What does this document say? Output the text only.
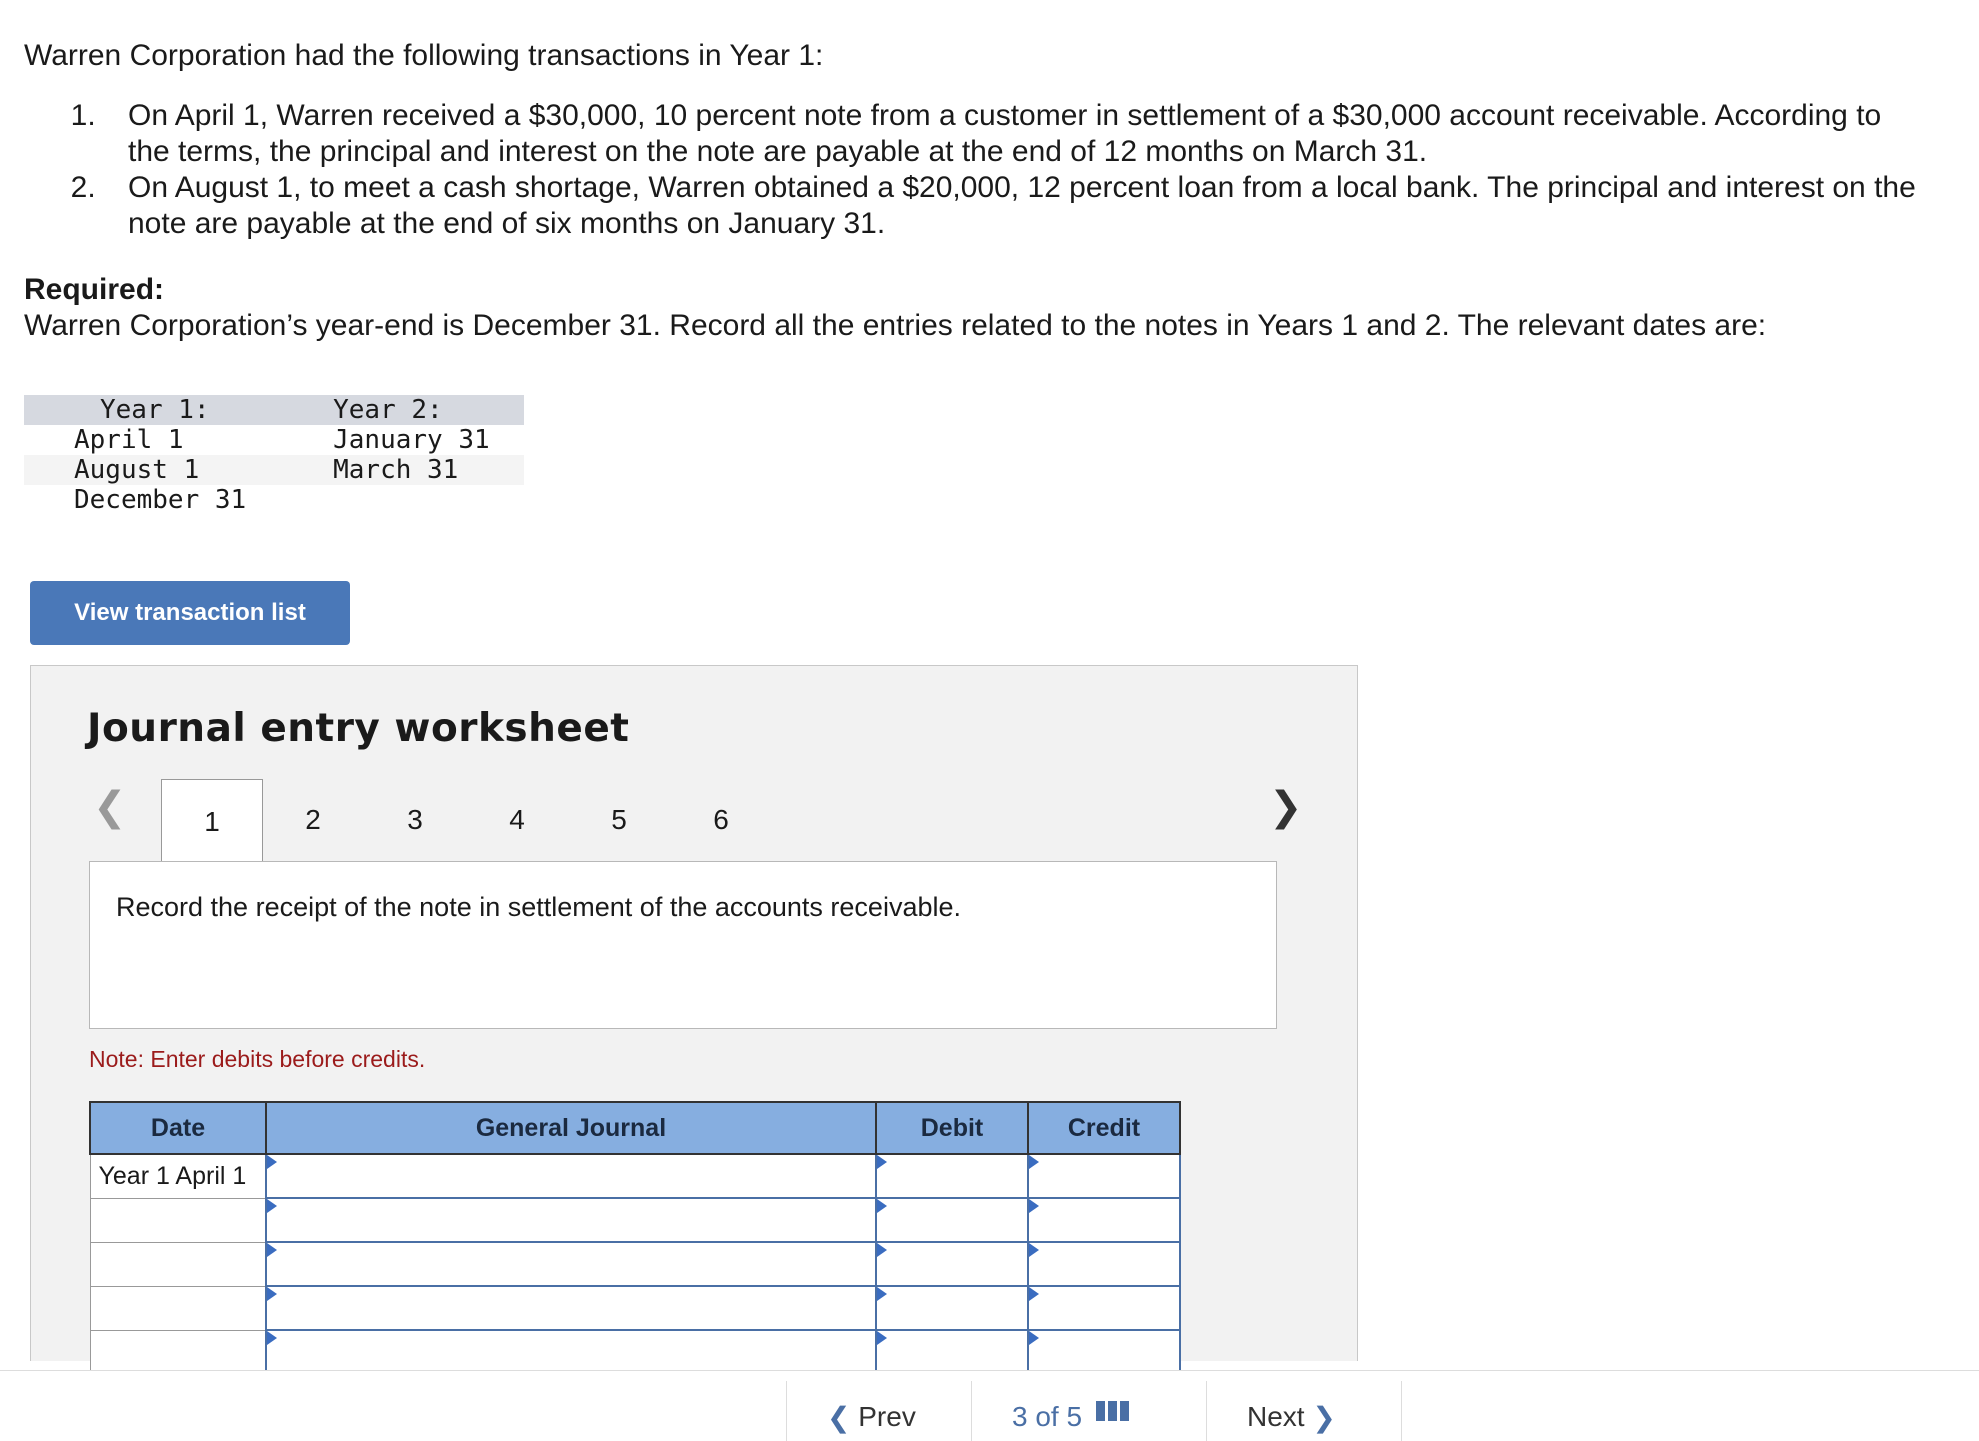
Warren Corporation had the following transactions in Year 1:

1. On April 1, Warren received a $30,000, 10 percent note from a customer in settlement of a $30,000 account receivable. According to the terms, the principal and interest on the note are payable at the end of 12 months on March 31.
2. On August 1, to meet a cash shortage, Warren obtained a $20,000, 12 percent loan from a local bank. The principal and interest on the note are payable at the end of six months on January 31.
Required:
Warren Corporation’s year-end is December 31. Record all the entries related to the notes in Years 1 and 2. The relevant dates are:
Year 1:	Year 2:
April 1	January 31
August 1	March 31
December 31	
View transaction list
Journal entry worksheet
❮	1	2	3	4	5	6	❯
Record the receipt of the note in settlement of the accounts receivable.
Note: Enter debits before credits.
Date	General Journal	Debit	Credit
Year 1 April 1	

❮ Prev	3
of
5	Next ❯
